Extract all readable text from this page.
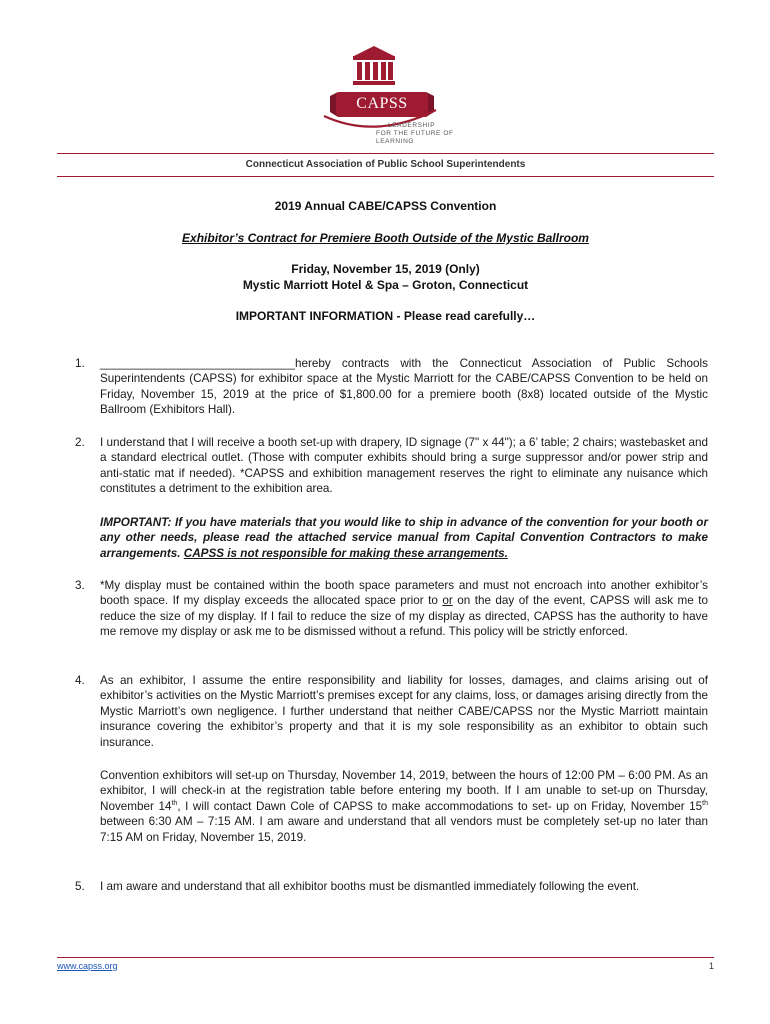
CAPSS
LEADERSHIP
FOR THE FUTURE OF LEARNING
Connecticut Association of Public School Superintendents
2019 Annual CABE/CAPSS Convention
Exhibitor’s Contract for Premiere Booth Outside of the Mystic Ballroom
Friday, November 15, 2019 (Only)
Mystic Marriott Hotel & Spa – Groton, Connecticut
IMPORTANT INFORMATION - Please read carefully…
1. ______________________________hereby contracts with the Connecticut Association of Public Schools Superintendents (CAPSS) for exhibitor space at the Mystic Marriott for the CABE/CAPSS Convention to be held on Friday, November 15, 2019 at the price of $1,800.00 for a premiere booth (8x8) located outside of the Mystic Ballroom (Exhibitors Hall).
2. I understand that I will receive a booth set-up with drapery, ID signage (7" x 44"); a 6’ table; 2 chairs; wastebasket and a standard electrical outlet. (Those with computer exhibits should bring a surge suppressor and/or power strip and anti-static mat if needed). *CAPSS and exhibition management reserves the right to eliminate any nuisance which constitutes a detriment to the exhibition area.
IMPORTANT: If you have materials that you would like to ship in advance of the convention for your booth or any other needs, please read the attached service manual from Capital Convention Contractors to make arrangements. CAPSS is not responsible for making these arrangements.
3. *My display must be contained within the booth space parameters and must not encroach into another exhibitor’s booth space. If my display exceeds the allocated space prior to or on the day of the event, CAPSS will ask me to reduce the size of my display. If I fail to reduce the size of my display as directed, CAPSS has the authority to have me remove my display or ask me to be dismissed without a refund. This policy will be strictly enforced.
4. As an exhibitor, I assume the entire responsibility and liability for losses, damages, and claims arising out of exhibitor’s activities on the Mystic Marriott’s premises except for any claims, loss, or damages arising directly from the Mystic Marriott’s own negligence. I further understand that neither CABE/CAPSS nor the Mystic Marriott maintain insurance covering the exhibitor’s property and that it is my sole responsibility as an exhibitor to obtain such insurance.
Convention exhibitors will set-up on Thursday, November 14, 2019, between the hours of 12:00 PM – 6:00 PM. As an exhibitor, I will check-in at the registration table before entering my booth. If I am unable to set-up on Thursday, November 14th, I will contact Dawn Cole of CAPSS to make accommodations to set- up on Friday, November 15th between 6:30 AM – 7:15 AM. I am aware and understand that all vendors must be completely set-up no later than 7:15 AM on Friday, November 15, 2019.
5. I am aware and understand that all exhibitor booths must be dismantled immediately following the event.
www.capss.org	1
